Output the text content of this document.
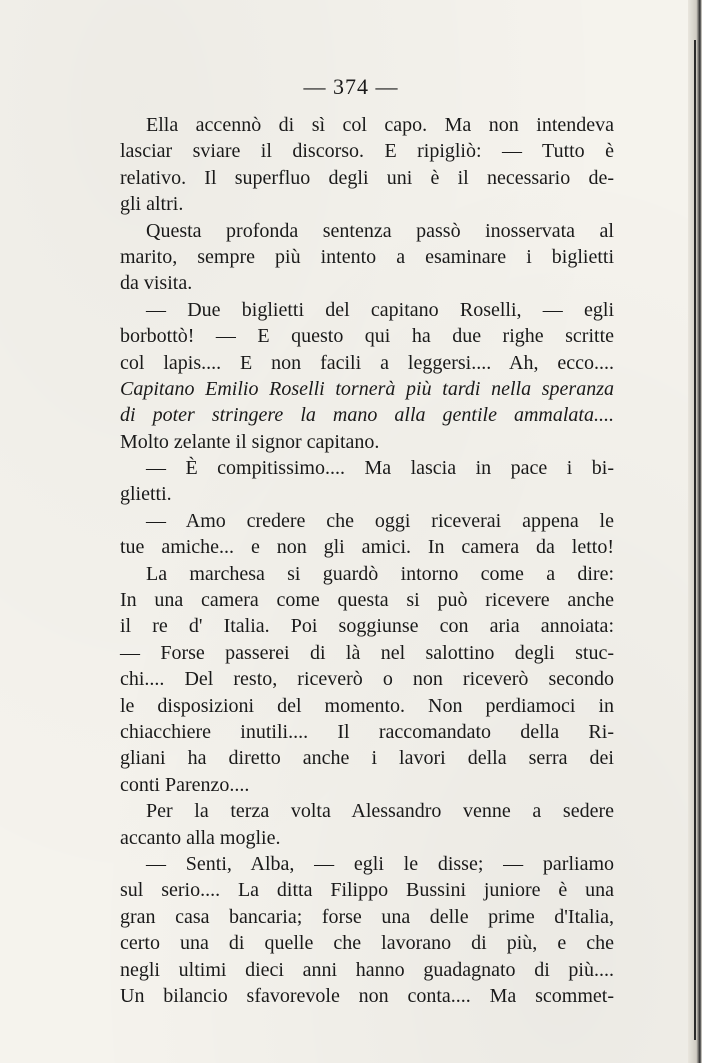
— 374 —
Ella accennò di sì col capo. Ma non intendeva
lasciar sviare il discorso. E ripigliò: — Tutto è
relativo. Il superfluo degli uni è il necessario de-
gli altri.
Questa profonda sentenza passò inosservata al
marito, sempre più intento a esaminare i biglietti
da visita.
— Due biglietti del capitano Roselli, — egli
borbottò! — E questo qui ha due righe scritte
col lapis.... E non facili a leggersi.... Ah, ecco....
Capitano Emilio Roselli tornerà più tardi nella speranza
di poter stringere la mano alla gentile ammalata....
Molto zelante il signor capitano.
— È compitissimo.... Ma lascia in pace i bi-
glietti.
— Amo credere che oggi riceverai appena le
tue amiche... e non gli amici. In camera da letto!
La marchesa si guardò intorno come a dire:
In una camera come questa si può ricevere anche
il re d' Italia. Poi soggiunse con aria annoiata:
— Forse passerei di là nel salottino degli stuc-
chi.... Del resto, riceverò o non riceverò secondo
le disposizioni del momento. Non perdiamoci in
chiacchiere inutili.... Il raccomandato della Ri-
gliani ha diretto anche i lavori della serra dei
conti Parenzo....
Per la terza volta Alessandro venne a sedere
accanto alla moglie.
— Senti, Alba, — egli le disse; — parliamo
sul serio.... La ditta Filippo Bussini juniore è una
gran casa bancaria; forse una delle prime d'Italia,
certo una di quelle che lavorano di più, e che
negli ultimi dieci anni hanno guadagnato di più....
Un bilancio sfavorevole non conta.... Ma scommet-
